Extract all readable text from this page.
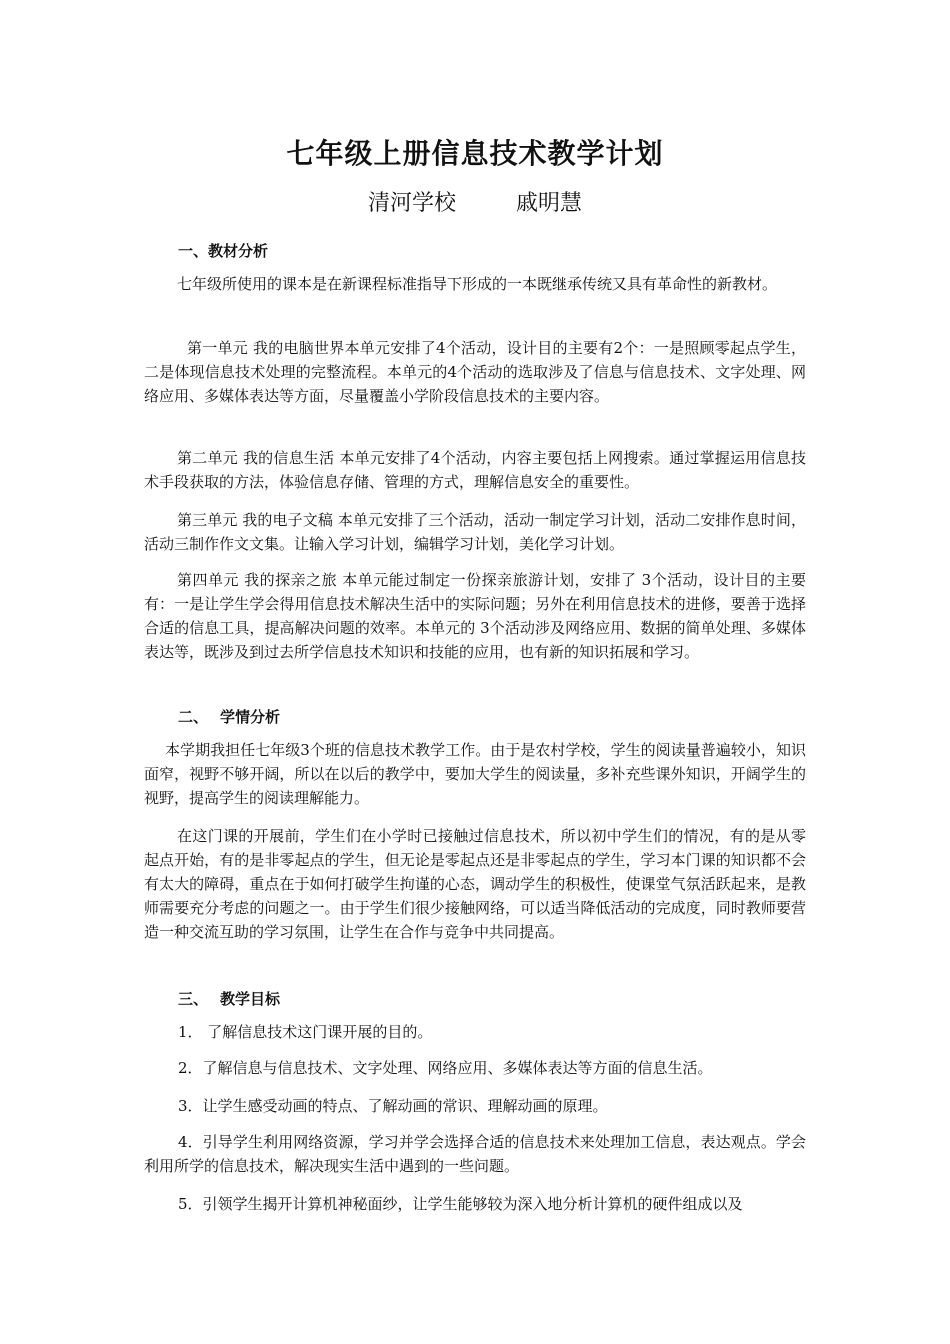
七年级上册信息技术教学计划
清河学校	戚明慧
一、教材分析
七年级所使用的课本是在新课程标准指导下形成的一本既继承传统又具有革命性的新教材。
第一单元 我的电脑世界本单元安排了4个活动，设计目的主要有2个：一是照顾零起点学生，二是体现信息技术处理的完整流程。本单元的4个活动的选取涉及了信息与信息技术、文字处理、网络应用、多媒体表达等方面，尽量覆盖小学阶段信息技术的主要内容。
第二单元 我的信息生活 本单元安排了4个活动，内容主要包括上网搜索。通过掌握运用信息技术手段获取的方法，体验信息存储、管理的方式，理解信息安全的重要性。
第三单元 我的电子文稿 本单元安排了三个活动，活动一制定学习计划，活动二安排作息时间，活动三制作作文文集。让输入学习计划，编辑学习计划，美化学习计划。
第四单元 我的探亲之旅 本单元能过制定一份探亲旅游计划，安排了 3个活动，设计目的主要有：一是让学生学会得用信息技术解决生活中的实际问题；另外在利用信息技术的进修，要善于选择合适的信息工具，提高解决问题的效率。本单元的 3个活动涉及网络应用、数据的简单处理、多媒体表达等，既涉及到过去所学信息技术知识和技能的应用，也有新的知识拓展和学习。
二、 学情分析
本学期我担任七年级3个班的信息技术教学工作。由于是农村学校，学生的阅读量普遍较小，知识面窄，视野不够开阔，所以在以后的教学中，要加大学生的阅读量，多补充些课外知识，开阔学生的视野，提高学生的阅读理解能力。
在这门课的开展前，学生们在小学时已接触过信息技术，所以初中学生们的情况，有的是从零起点开始，有的是非零起点的学生，但无论是零起点还是非零起点的学生，学习本门课的知识都不会有太大的障碍，重点在于如何打破学生拘谨的心态，调动学生的积极性，使课堂气氛活跃起来，是教师需要充分考虑的问题之一。由于学生们很少接触网络，可以适当降低活动的完成度，同时教师要营造一种交流互助的学习氛围，让学生在合作与竞争中共同提高。
三、 教学目标
1． 了解信息技术这门课开展的目的。
2．了解信息与信息技术、文字处理、网络应用、多媒体表达等方面的信息生活。
3．让学生感受动画的特点、了解动画的常识、理解动画的原理。
4．引导学生利用网络资源，学习并学会选择合适的信息技术来处理加工信息，表达观点。学会利用所学的信息技术，解决现实生活中遇到的一些问题。
5．引领学生揭开计算机神秘面纱，让学生能够较为深入地分析计算机的硬件组成以及
